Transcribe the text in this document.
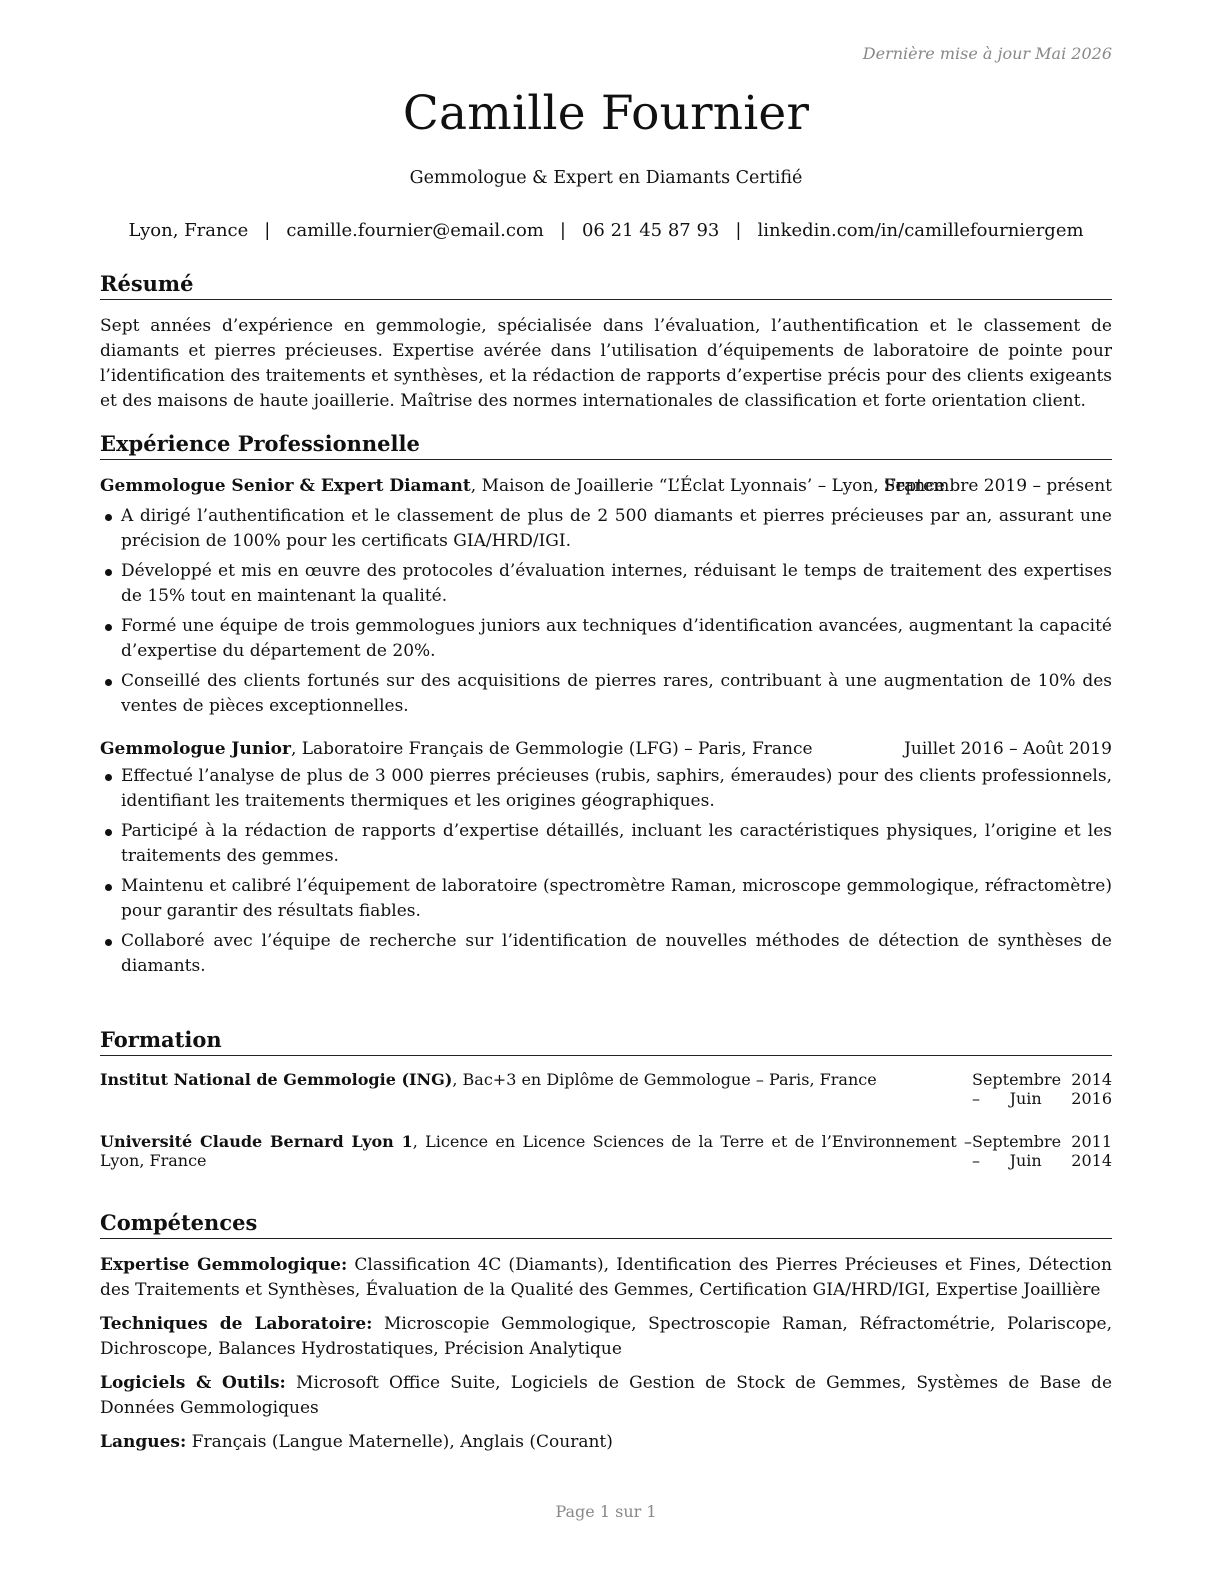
Dernière mise à jour Mai 2026
Camille Fournier
Gemmologue & Expert en Diamants Certifié
Lyon, France | camille.fournier@email.com | 06 21 45 87 93 | linkedin.com/in/camillefourniergem
Résumé

Sept années d’expérience en gemmologie, spécialisée dans l’évaluation, l’authentification et le classement de diamants et pierres précieuses. Expertise avérée dans l’utilisation d’équipements de laboratoire de pointe pour l’identification des traitements et synthèses, et la rédaction de rapports d’expertise précis pour des clients exigeants et des maisons de haute joaillerie. Maîtrise des normes internationales de classification et forte orientation client.

Expérience Professionnelle
Gemmologue Senior & Expert Diamant, Maison de Joaillerie “L’Éclat Lyonnais’ – Lyon, France
Septembre 2019 – présent
A dirigé l’authentification et le classement de plus de 2 500 diamants et pierres précieuses par an, assurant une précision de 100% pour les certificats GIA/HRD/IGI.
Développé et mis en œuvre des protocoles d’évaluation internes, réduisant le temps de traitement des expertises de 15% tout en maintenant la qualité.
Formé une équipe de trois gemmologues juniors aux techniques d’identification avancées, augmentant la capacité d’expertise du département de 20%.
Conseillé des clients fortunés sur des acquisitions de pierres rares, contribuant à une augmentation de 10% des ventes de pièces exceptionnelles.
Gemmologue Junior, Laboratoire Français de Gemmologie (LFG) – Paris, France	Juillet 2016 – Août 2019
Effectué l’analyse de plus de 3 000 pierres précieuses (rubis, saphirs, émeraudes) pour des clients professionnels, identifiant les traitements thermiques et les origines géographiques.
Participé à la rédaction de rapports d’expertise détaillés, incluant les caractéristiques physiques, l’origine et les traitements des gemmes.
Maintenu et calibré l’équipement de laboratoire (spectromètre Raman, microscope gemmologique, réfractomètre) pour garantir des résultats fiables.
Collaboré avec l’équipe de recherche sur l’identification de nouvelles méthodes de détection de synthèses de diamants.
Formation
Institut National de Gemmologie (ING), Bac+3 en Diplôme de Gemmologue – Paris, France	Septembre 2014 – Juin 2016
Université Claude Bernard Lyon 1, Licence en Licence Sciences de la Terre et de l’Environnement – Lyon, France
Septembre 2011 – Juin 2014
Compétences

Expertise Gemmologique: Classification 4C (Diamants), Identification des Pierres Précieuses et Fines, Détection des Traitements et Synthèses, Évaluation de la Qualité des Gemmes, Certification GIA/HRD/IGI, Expertise Joaillière

Techniques de Laboratoire: Microscopie Gemmologique, Spectroscopie Raman, Réfractométrie, Polariscope, Dichroscope, Balances Hydrostatiques, Précision Analytique

Logiciels & Outils: Microsoft Office Suite, Logiciels de Gestion de Stock de Gemmes, Systèmes de Base de Données Gemmologiques

Langues: Français (Langue Maternelle), Anglais (Courant)

Page 1 sur 1
